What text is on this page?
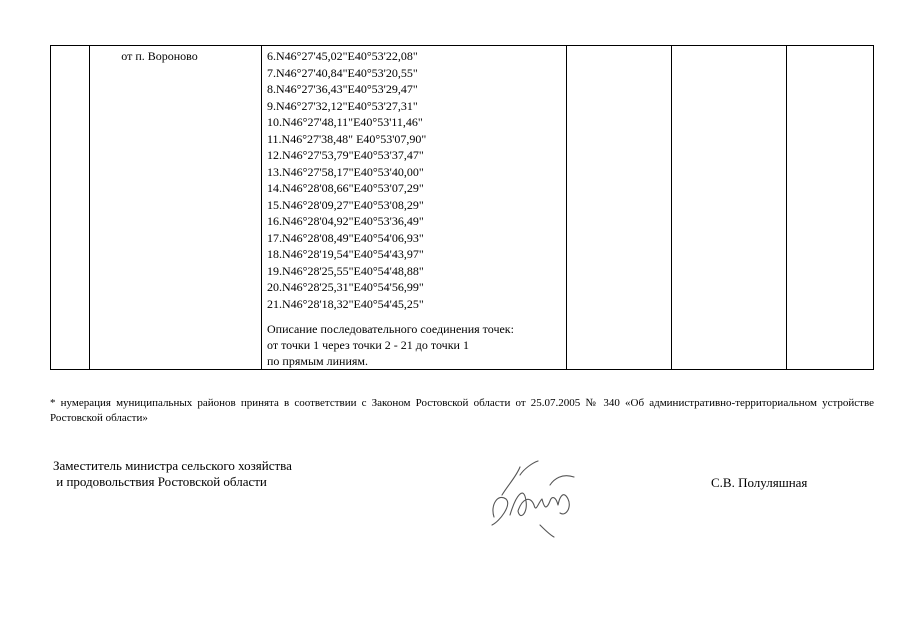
от п. Вороново	6.N46°27'45,02"E40°53'22,08"
7.N46°27'40,84"E40°53'20,55"
8.N46°27'36,43"E40°53'29,47"
9.N46°27'32,12"E40°53'27,31"
10.N46°27'48,11"E40°53'11,46"
11.N46°27'38,48" E40°53'07,90"
12.N46°27'53,79"E40°53'37,47"
13.N46°27'58,17"E40°53'40,00"
14.N46°28'08,66"E40°53'07,29"
15.N46°28'09,27"E40°53'08,29"
16.N46°28'04,92"E40°53'36,49"
17.N46°28'08,49"E40°54'06,93"
18.N46°28'19,54"E40°54'43,97"
19.N46°28'25,55"E40°54'48,88"
20.N46°28'25,31"E40°54'56,99"
21.N46°28'18,32"E40°54'45,25"
Описание последовательного соединения точек:
от точки 1 через точки 2 - 21 до точки 1
по прямым линиям.
* нумерация муниципальных районов принята в соответствии с Законом Ростовской области от 25.07.2005 № 340 «Об административно-территориальном устройстве Ростовской области»
Заместитель министра сельского хозяйства
и продовольствия Ростовской области	С.В. Полуляшная
